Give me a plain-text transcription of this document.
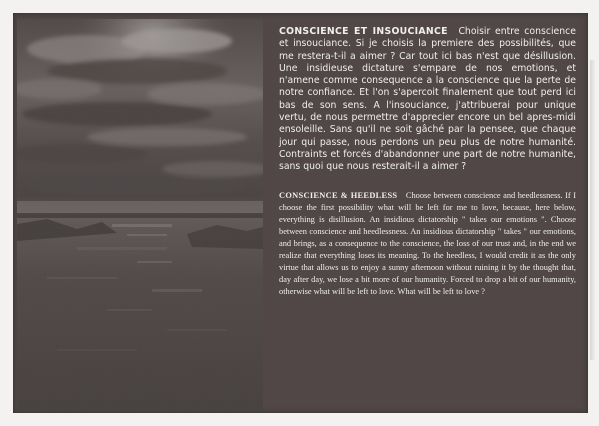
CONSCIENCE ET INSOUCIANCE Choisir entre conscience et insouciance. Si je choisis la premiere des possibilités, que me restera-t-il a aimer ? Car tout ici bas n'est que désillusion. Une insidieuse dictature s'empare de nos emotions, et n'amene comme consequence a la conscience que la perte de notre confiance. Et l'on s'apercoit finalement que tout perd ici bas de son sens. A l'insouciance, j'attribuerai pour unique vertu, de nous permettre d'apprecier encore un bel apres-midi ensoleille. Sans qu'il ne soit gâché par la pensee, que chaque jour qui passe, nous perdons un peu plus de notre humanité. Contraints et forcés d'abandonner une part de notre humanite, sans quoi que nous resterait-il a aimer ?
CONSCIENCE & HEEDLESS Choose between conscience and heedlessness. If I choose the first possibility what will be left for me to love, because, here below, everything is disillusion. An insidious dictatorship " takes our emotions ". Choose between conscience and heedlessness. An insidious dictatorship " takes " our emotions, and brings, as a consequence to the conscience, the loss of our trust and, in the end we realize that everything loses its meaning. To the heedless, I would credit it as the only virtue that allows us to enjoy a sunny afternoon without ruining it by the thought that, day after day, we lose a bit more of our humanity. Forced to drop a bit of our humanity, otherwise what will be left to love. What will be left to love ?
